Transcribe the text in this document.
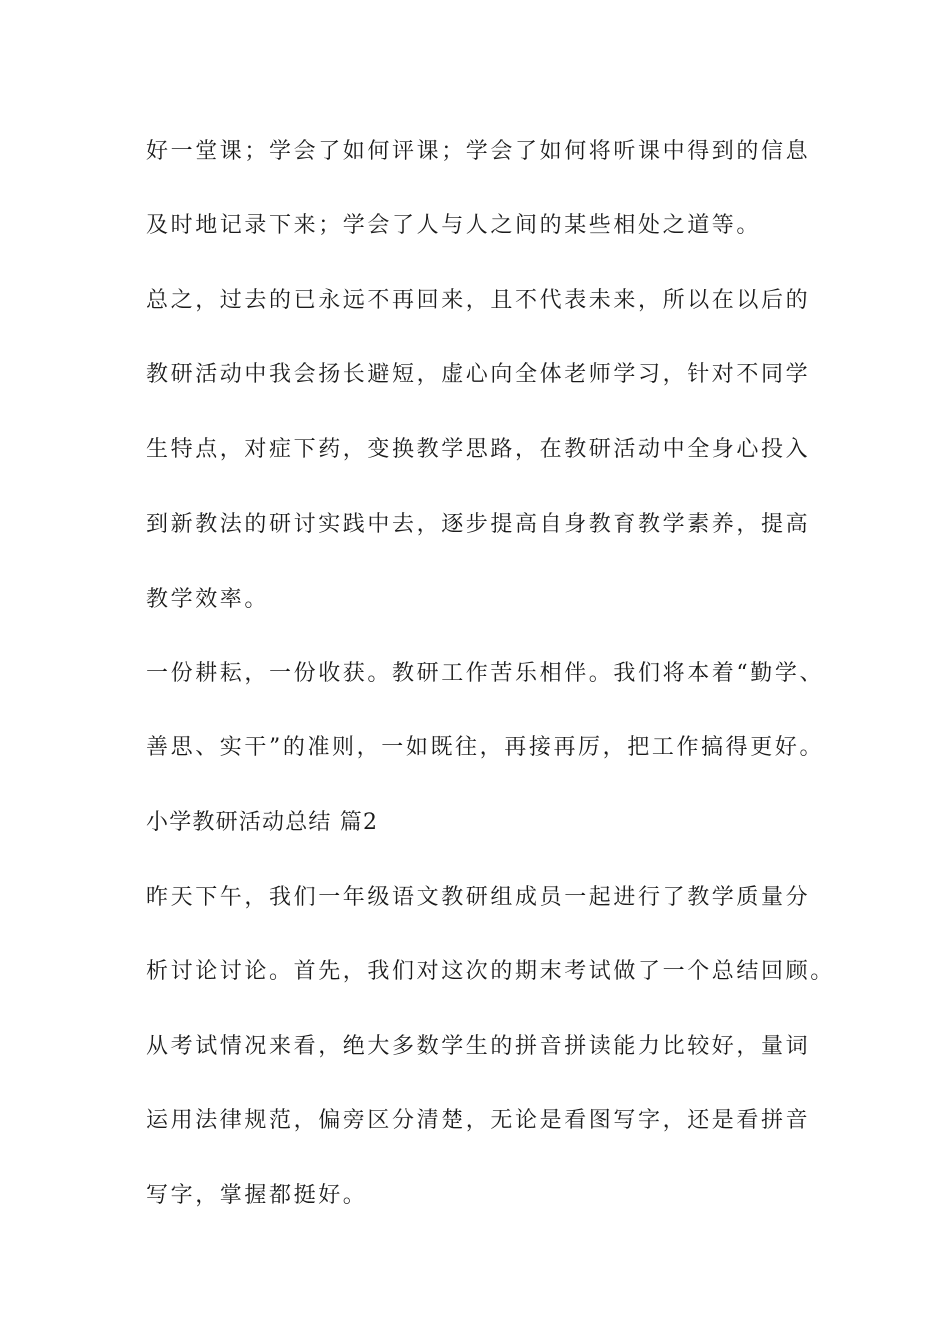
好一堂课；学会了如何评课；学会了如何将听课中得到的信息
及时地记录下来；学会了人与人之间的某些相处之道等。
总之，过去的已永远不再回来，且不代表未来，所以在以后的
教研活动中我会扬长避短，虚心向全体老师学习，针对不同学
生特点，对症下药，变换教学思路，在教研活动中全身心投入
到新教法的研讨实践中去，逐步提高自身教育教学素养，提高
教学效率。
一份耕耘，一份收获。教研工作苦乐相伴。我们将本着“勤学、
善思、实干”的准则，一如既往，再接再厉，把工作搞得更好。
小学教研活动总结 篇2
昨天下午，我们一年级语文教研组成员一起进行了教学质量分
析讨论讨论。首先，我们对这次的期末考试做了一个总结回顾。
从考试情况来看，绝大多数学生的拼音拼读能力比较好，量词
运用法律规范，偏旁区分清楚，无论是看图写字，还是看拼音
写字，掌握都挺好。
